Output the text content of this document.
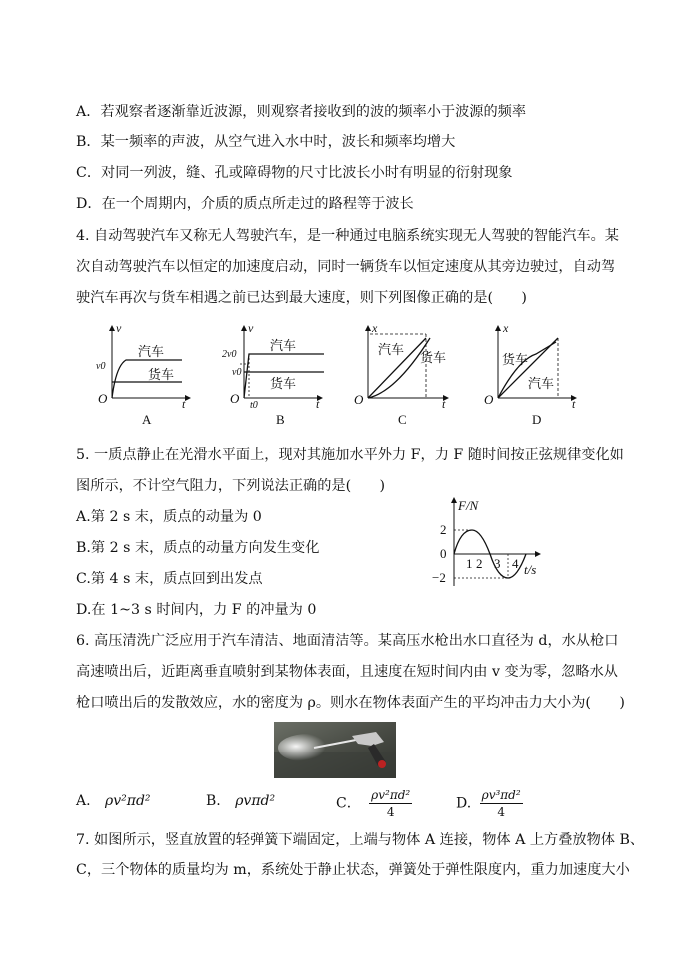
A．若观察者逐渐靠近波源，则观察者接收到的波的频率小于波源的频率
B．某一频率的声波，从空气进入水中时，波长和频率均增大
C．对同一列波，缝、孔或障碍物的尺寸比波长小时有明显的衍射现象
D．在一个周期内，介质的质点所走过的路程等于波长
4. 自动驾驶汽车又称无人驾驶汽车，是一种通过电脑系统实现无人驾驶的智能汽车。某
次自动驾驶汽车以恒定的加速度启动，同时一辆货车以恒定速度从其旁边驶过，自动驾
驶汽车再次与货车相遇之前已达到最大速度，则下列图像正确的是(　　)
O	t
v
v0
汽车
货车
A
O	t
v
2v0
v0
t0
汽车
货车
B
O	t
x
汽车
货车
C
O	t
x
货车
汽车
D
5. 一质点静止在光滑水平面上，现对其施加水平外力 F，力 F 随时间按正弦规律变化如
图所示，不计空气阻力，下列说法正确的是(　　)
A.第 2 s 末，质点的动量为 0
B.第 2 s 末，质点的动量方向发生变化
C.第 4 s 末，质点回到出发点
D.在 1~3 s 时间内，力 F 的冲量为 0
F/N
2
0
−2
1 2 3 4 t/s
6. 高压清洗广泛应用于汽车清洁、地面清洁等。某高压水枪出水口直径为 d，水从枪口
高速喷出后，近距离垂直喷射到某物体表面，且速度在短时间内由 v 变为零，忽略水从
枪口喷出后的发散效应，水的密度为 ρ。则水在物体表面产生的平均冲击力大小为(　　)
A. ρv²πd²	B. ρvπd²	C． $\frac{\text{ρv²πd²}}{4}$	D. $\frac{\text{ρv³πd²}}{4}$
7. 如图所示，竖直放置的轻弹簧下端固定，上端与物体 A 连接，物体 A 上方叠放物体 B、
C，三个物体的质量均为 m，系统处于静止状态，弹簧处于弹性限度内，重力加速度大小
